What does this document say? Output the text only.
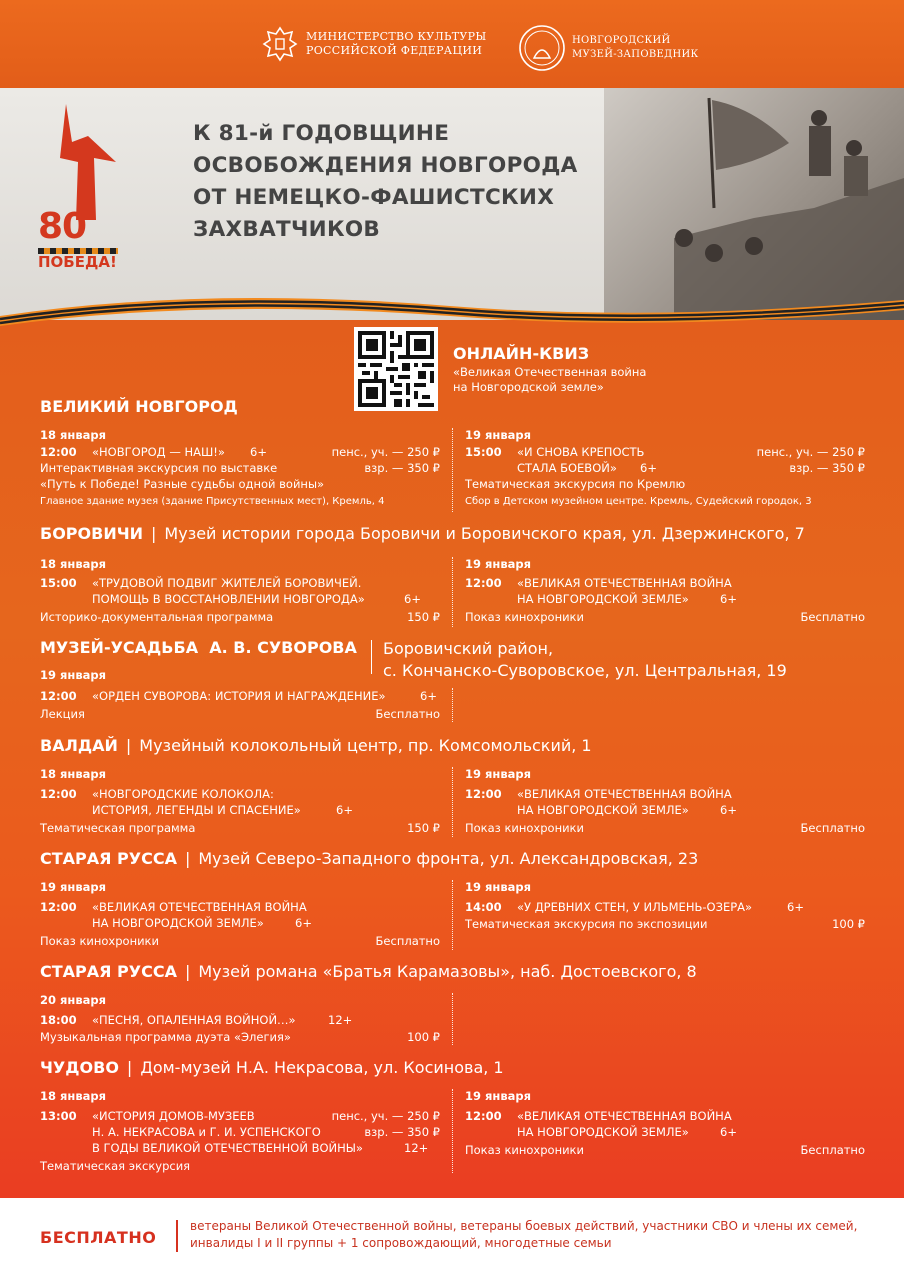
МИНИСТЕРСТВО КУЛЬТУРЫ
РОССИЙСКОЙ ФЕДЕРАЦИИ
НОВГОРОДСКИЙ
МУЗЕЙ-ЗАПОВЕДНИК
80
ПОБЕДА!
К 81-й ГОДОВЩИНЕ
ОСВОБОЖДЕНИЯ НОВГОРОДА
ОТ НЕМЕЦКО-ФАШИСТСКИХ
ЗАХВАТЧИКОВ
ОНЛАЙН-КВИЗ
«Великая Отечественная война
на Новгородской земле»
ВЕЛИКИЙ НОВГОРОД
18 января
12:00 «НОВГОРОД — НАШ!» 6+	пенс., уч. — 250 ₽
взр. — 350 ₽
Интерактивная экскурсия по выставке
«Путь к Победе! Разные судьбы одной войны»
Главное здание музея (здание Присутственных мест), Кремль, 4
19 января
15:00 «И СНОВА КРЕПОСТЬ
СТАЛА БОЕВОЙ»	6+
пенс., уч. — 250 ₽
взр. — 350 ₽
Тематическая экскурсия по Кремлю
Сбор в Детском музейном центре. Кремль, Судейский городок, 3
БОРОВИЧИ | Музей истории города Боровичи и Боровичского края, ул. Дзержинского, 7
18 января
15:00 «ТРУДОВОЙ ПОДВИГ ЖИТЕЛЕЙ БОРОВИЧЕЙ.
ПОМОЩЬ В ВОССТАНОВЛЕНИИ НОВГОРОДА»	6+
150 ₽
Историко-документальная программа
19 января
12:00 «ВЕЛИКАЯ ОТЕЧЕСТВЕННАЯ ВОЙНА
НА НОВГОРОДСКОЙ ЗЕМЛЕ»	6+
Бесплатно
Показ кинохроники
МУЗЕЙ-УСАДЬБА  А. В. СУВОРОВА Боровичский район,
с. Кончанско-Суворовское, ул. Центральная, 19
19 января
12:00 «ОРДЕН СУВОРОВА: ИСТОРИЯ И НАГРАЖДЕНИЕ»	6+
Бесплатно
Лекция
ВАЛДАЙ | Музейный колокольный центр, пр. Комсомольский, 1
18 января
12:00 «НОВГОРОДСКИЕ КОЛОКОЛА:
ИСТОРИЯ, ЛЕГЕНДЫ И СПАСЕНИЕ»	6+
150 ₽
Тематическая программа
19 января
12:00 «ВЕЛИКАЯ ОТЕЧЕСТВЕННАЯ ВОЙНА
НА НОВГОРОДСКОЙ ЗЕМЛЕ»	6+
Бесплатно
Показ кинохроники
СТАРАЯ РУССА | Музей Северо-Западного фронта, ул. Александровская, 23
19 января
12:00 «ВЕЛИКАЯ ОТЕЧЕСТВЕННАЯ ВОЙНА
НА НОВГОРОДСКОЙ ЗЕМЛЕ»	6+
Бесплатно
Показ кинохроники
19 января
14:00 «У ДРЕВНИХ СТЕН, У ИЛЬМЕНЬ-ОЗЕРА»	6+
100 ₽
Тематическая экскурсия по экспозиции
СТАРАЯ РУССА | Музей романа «Братья Карамазовы», наб. Достоевского, 8
20 января
18:00 «ПЕСНЯ, ОПАЛЕННАЯ ВОЙНОЙ…»	12+
100 ₽
Музыкальная программа дуэта «Элегия»
ЧУДОВО | Дом-музей Н.А. Некрасова, ул. Косинова, 1
18 января
13:00 «ИСТОРИЯ ДОМОВ-МУЗЕЕВ
Н. А. НЕКРАСОВА и Г. И. УСПЕНСКОГО
В ГОДЫ ВЕЛИКОЙ ОТЕЧЕСТВЕННОЙ ВОЙНЫ»	12+
пенс., уч. — 250 ₽
взр. — 350 ₽
Тематическая экскурсия
19 января
12:00 «ВЕЛИКАЯ ОТЕЧЕСТВЕННАЯ ВОЙНА
НА НОВГОРОДСКОЙ ЗЕМЛЕ»	6+
Бесплатно
Показ кинохроники
БЕСПЛАТНО
ветераны Великой Отечественной войны, ветераны боевых действий, участники СВО и члены их семей, инвалиды I и II группы + 1 сопровождающий, многодетные семьи
